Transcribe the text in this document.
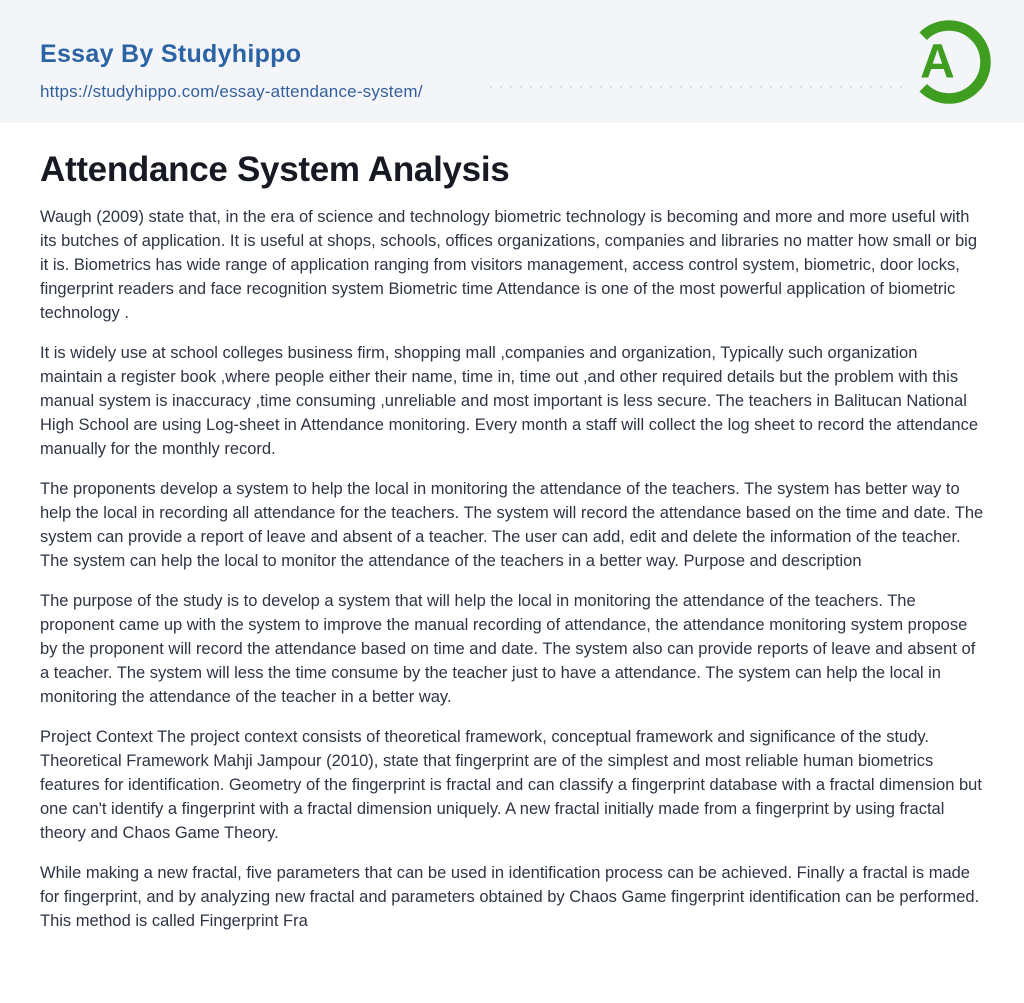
Essay By Studyhippo
https://studyhippo.com/essay-attendance-system/
A
Attendance System Analysis

Waugh (2009) state that, in the era of science and technology biometric technology is becoming and more and more useful with its butches of application. It is useful at shops, schools, offices organizations, companies and libraries no matter how small or big it is. Biometrics has wide range of application ranging from visitors management, access control system, biometric, door locks, fingerprint readers and face recognition system Biometric time Attendance is one of the most powerful application of biometric technology .

It is widely use at school colleges business firm, shopping mall ,companies and organization, Typically such organization maintain a register book ,where people either their name, time in, time out ,and other required details but the problem with this manual system is inaccuracy ,time consuming ,unreliable and most important is less secure. The teachers in Balitucan National High School are using Log-sheet in Attendance monitoring. Every month a staff will collect the log sheet to record the attendance manually for the monthly record.

The proponents develop a system to help the local in monitoring the attendance of the teachers. The system has better way to help the local in recording all attendance for the teachers. The system will record the attendance based on the time and date. The system can provide a report of leave and absent of a teacher. The user can add, edit and delete the information of the teacher. The system can help the local to monitor the attendance of the teachers in a better way. Purpose and description

The purpose of the study is to develop a system that will help the local in monitoring the attendance of the teachers. The proponent came up with the system to improve the manual recording of attendance, the attendance monitoring system propose by the proponent will record the attendance based on time and date. The system also can provide reports of leave and absent of a teacher. The system will less the time consume by the teacher just to have a attendance. The system can help the local in monitoring the attendance of the teacher in a better way.

Project Context The project context consists of theoretical framework, conceptual framework and significance of the study. Theoretical Framework Mahji Jampour (2010), state that fingerprint are of the simplest and most reliable human biometrics features for identification. Geometry of the fingerprint is fractal and can classify a fingerprint database with a fractal dimension but one can't identify a fingerprint with a fractal dimension uniquely. A new fractal initially made from a fingerprint by using fractal theory and Chaos Game Theory.

While making a new fractal, five parameters that can be used in identification process can be achieved. Finally a fractal is made for fingerprint, and by analyzing new fractal and parameters obtained by Chaos Game fingerprint identification can be performed. This method is called Fingerprint Fra
